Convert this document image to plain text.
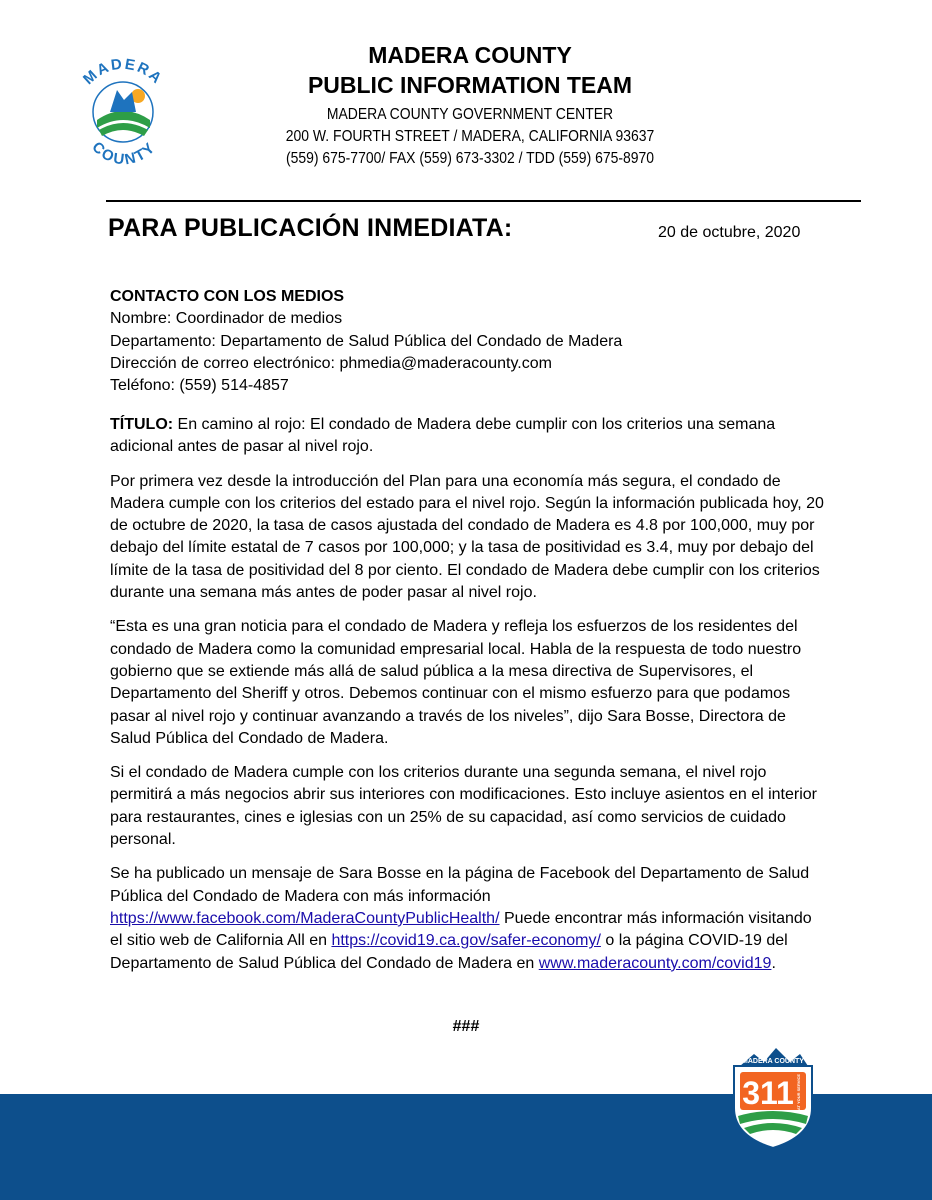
MADERA
COUNTY
MADERA COUNTY
PUBLIC INFORMATION TEAM
MADERA COUNTY GOVERNMENT CENTER
200 W. FOURTH STREET / MADERA, CALIFORNIA 93637
(559) 675-7700/ FAX (559) 673-3302 / TDD (559) 675-8970
PARA PUBLICACIÓN INMEDIATA:	20 de octubre, 2020
CONTACTO CON LOS MEDIOS
Nombre: Coordinador de medios
Departamento: Departamento de Salud Pública del Condado de Madera
Dirección de correo electrónico: phmedia@maderacounty.com
Teléfono: (559) 514-4857

TÍTULO: En camino al rojo: El condado de Madera debe cumplir con los criterios una semana adicional antes de pasar al nivel rojo.

Por primera vez desde la introducción del Plan para una economía más segura, el condado de Madera cumple con los criterios del estado para el nivel rojo. Según la información publicada hoy, 20 de octubre de 2020, la tasa de casos ajustada del condado de Madera es 4.8 por 100,000, muy por debajo del límite estatal de 7 casos por 100,000; y la tasa de positividad es 3.4, muy por debajo del límite de la tasa de positividad del 8 por ciento. El condado de Madera debe cumplir con los criterios durante una semana más antes de poder pasar al nivel rojo.

“Esta es una gran noticia para el condado de Madera y refleja los esfuerzos de los residentes del condado de Madera como la comunidad empresarial local. Habla de la respuesta de todo nuestro gobierno que se extiende más allá de salud pública a la mesa directiva de Supervisores, el Departamento del Sheriff y otros. Debemos continuar con el mismo esfuerzo para que podamos pasar al nivel rojo y continuar avanzando a través de los niveles”, dijo Sara Bosse, Directora de Salud Pública del Condado de Madera.

Si el condado de Madera cumple con los criterios durante una segunda semana, el nivel rojo permitirá a más negocios abrir sus interiores con modificaciones. Esto incluye asientos en el interior para restaurantes, cines e iglesias con un 25% de su capacidad, así como servicios de cuidado personal.

Se ha publicado un mensaje de Sara Bosse en la página de Facebook del Departamento de Salud Pública del Condado de Madera con más información https://www.facebook.com/MaderaCountyPublicHealth/ Puede encontrar más información visitando el sitio web de California All en https://covid19.ca.gov/safer-economy/ o la página COVID-19 del Departamento de Salud Pública del Condado de Madera en www.maderacounty.com/covid19.

###
MADERA COUNTY
311 AT YOUR SERVICE
